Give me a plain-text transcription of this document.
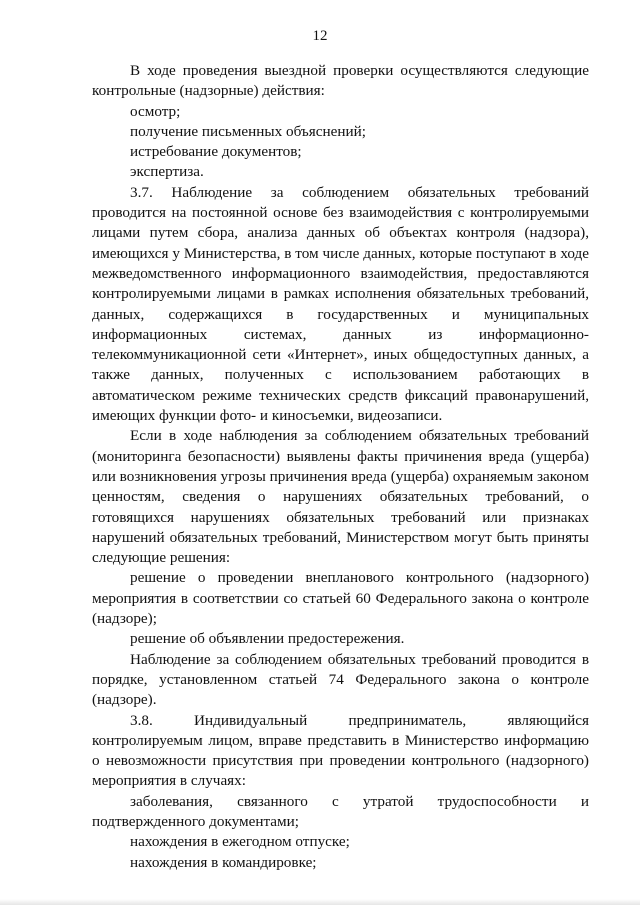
12

В ходе проведения выездной проверки осуществляются следующие контрольные (надзорные) действия:

осмотр;

получение письменных объяснений;

истребование документов;

экспертиза.

3.7. Наблюдение за соблюдением обязательных требований проводится на постоянной основе без взаимодействия с контролируемыми лицами путем сбора, анализа данных об объектах контроля (надзора), имеющихся у Министерства, в том числе данных, которые поступают в ходе межведомственного информационного взаимодействия, предоставляются контролируемыми лицами в рамках исполнения обязательных требований, данных, содержащихся в государственных и муниципальных информационных системах, данных из информационно-телекоммуникационной сети «Интернет», иных общедоступных данных, а также данных, полученных с использованием работающих в автоматическом режиме технических средств фиксаций правонарушений, имеющих функции фото- и киносъемки, видеозаписи.

Если в ходе наблюдения за соблюдением обязательных требований (мониторинга безопасности) выявлены факты причинения вреда (ущерба) или возникновения угрозы причинения вреда (ущерба) охраняемым законом ценностям, сведения о нарушениях обязательных требований, о готовящихся нарушениях обязательных требований или признаках нарушений обязательных требований, Министерством могут быть приняты следующие решения:

решение о проведении внепланового контрольного (надзорного) мероприятия в соответствии со статьей 60 Федерального закона о контроле (надзоре);

решение об объявлении предостережения.

Наблюдение за соблюдением обязательных требований проводится в порядке, установленном статьей 74 Федерального закона о контроле (надзоре).

3.8. Индивидуальный предприниматель, являющийся контролируемым лицом, вправе представить в Министерство информацию о невозможности присутствия при проведении контрольного (надзорного) мероприятия в случаях:

заболевания, связанного с утратой трудоспособности и подтвержденного документами;

нахождения в ежегодном отпуске;

нахождения в командировке;
